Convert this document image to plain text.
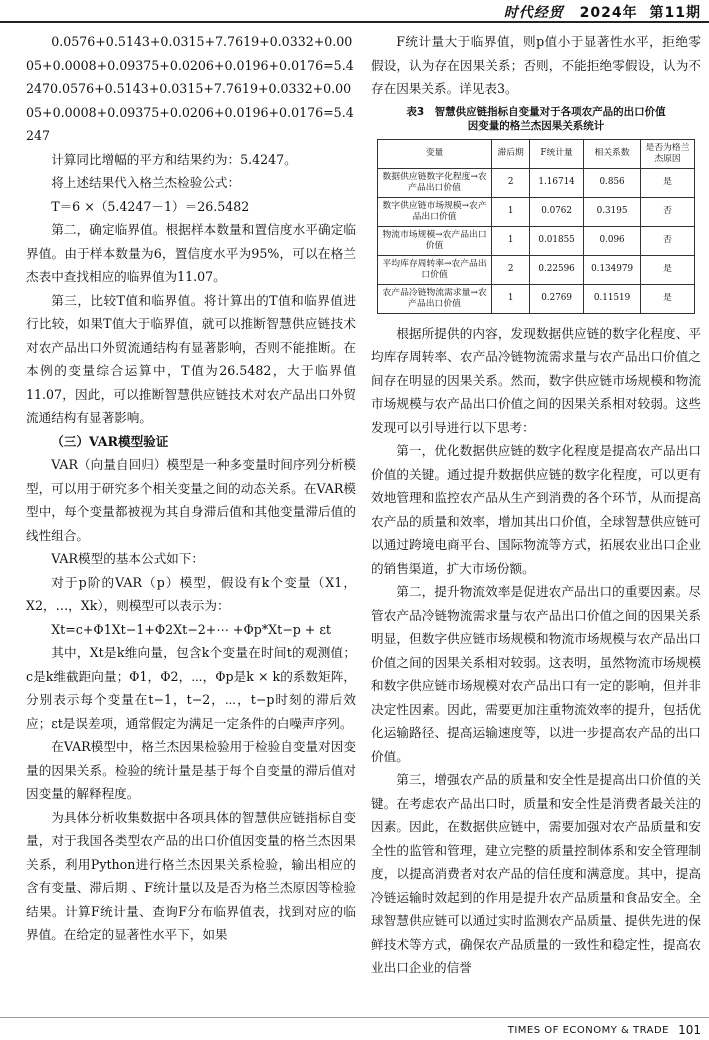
时代经贸 2024年 第11期

0.0576+0.5143+0.0315+7.7619+0.0332+0.0005+0.0008+0.09375+0.0206+0.0196+0.0176=5.42470.0576+0.5143+0.0315+7.7619+0.0332+0.0005+0.0008+0.09375+0.0206+0.0196+0.0176=5.4247

计算同比增幅的平方和结果约为：5.4247。

将上述结果代入格兰杰检验公式：

T＝6 ×（5.4247－1）＝26.5482

第二，确定临界值。根据样本数量和置信度水平确定临界值。由于样本数量为6，置信度水平为95%，可以在格兰杰表中查找相应的临界值为11.07。

第三，比较T值和临界值。将计算出的T值和临界值进行比较，如果T值大于临界值，就可以推断智慧供应链技术对农产品出口外贸流通结构有显著影响，否则不能推断。在本例的变量综合运算中，T值为26.5482，大于临界值11.07，因此，可以推断智慧供应链技术对农产品出口外贸流通结构有显著影响。

（三）VAR模型验证

VAR（向量自回归）模型是一种多变量时间序列分析模型，可以用于研究多个相关变量之间的动态关系。在VAR模型中，每个变量都被视为其自身滞后值和其他变量滞后值的线性组合。

VAR模型的基本公式如下：

对于p阶的VAR（p）模型，假设有k个变量（X1，X2，…，Xk），则模型可以表示为：

Xt=c+Φ1Xt−1+Φ2Xt−2+⋯ +Φp*Xt−p + εt

其中，Xt是k维向量，包含k个变量在时间t的观测值；c是k维截距向量；Φ1，Φ2，⋯，Φp是k × k的系数矩阵，分别表示每个变量在t−1，t−2，⋯，t−p时刻的滞后效应；εt是误差项，通常假定为满足一定条件的白噪声序列。

在VAR模型中，格兰杰因果检验用于检验自变量对因变量的因果关系。检验的统计量是基于每个自变量的滞后值对因变量的解释程度。

为具体分析收集数据中各项具体的智慧供应链指标自变量，对于我国各类型农产品的出口价值因变量的格兰杰因果关系，利用Python进行格兰杰因果关系检验，输出相应的含有变量、滞后期 、F统计量以及是否为格兰杰原因等检验结果。计算F统计量、查询F分布临界值表，找到对应的临界值。在给定的显著性水平下，如果

F统计量大于临界值，则p值小于显著性水平，拒绝零假设，认为存在因果关系；否则，不能拒绝零假设，认为不存在因果关系。详见表3。

表3　智慧供应链指标自变量对于各项农产品的出口价值
因变量的格兰杰因果关系统计
变量	滞后期	F统计量	相关系数	是否为格兰杰原因
数据供应链数字化程度→农产品出口价值	2	1.16714	0.856	是
数字供应链市场规模→农产品出口价值	1	0.0762	0.3195	否
物流市场规模→农产品出口价值	1	0.01855	0.096	否
平均库存周转率→农产品出口价值	2	0.22596	0.134979	是
农产品冷链物流需求量→农产品出口价值	1	0.2769	0.11519	是

根据所提供的内容，发现数据供应链的数字化程度、平均库存周转率、农产品冷链物流需求量与农产品出口价值之间存在明显的因果关系。然而，数字供应链市场规模和物流市场规模与农产品出口价值之间的因果关系相对较弱。这些发现可以引导进行以下思考：

第一，优化数据供应链的数字化程度是提高农产品出口价值的关键。通过提升数据供应链的数字化程度，可以更有效地管理和监控农产品从生产到消费的各个环节，从而提高农产品的质量和效率，增加其出口价值，全球智慧供应链可以通过跨境电商平台、国际物流等方式，拓展农业出口企业的销售渠道，扩大市场份额。

第二，提升物流效率是促进农产品出口的重要因素。尽管农产品冷链物流需求量与农产品出口价值之间的因果关系明显，但数字供应链市场规模和物流市场规模与农产品出口价值之间的因果关系相对较弱。这表明，虽然物流市场规模和数字供应链市场规模对农产品出口有一定的影响，但并非决定性因素。因此，需要更加注重物流效率的提升，包括优化运输路径、提高运输速度等，以进一步提高农产品的出口价值。

第三，增强农产品的质量和安全性是提高出口价值的关键。在考虑农产品出口时，质量和安全性是消费者最关注的因素。因此，在数据供应链中，需要加强对农产品质量和安全性的监管和管理，建立完整的质量控制体系和安全管理制度，以提高消费者对农产品的信任度和满意度。其中，提高冷链运输时效起到的作用是提升农产品质量和食品安全。全球智慧供应链可以通过实时监测农产品质量、提供先进的保鲜技术等方式，确保农产品质量的一致性和稳定性，提高农业出口企业的信誉

TIMES OF ECONOMY & TRADE 101
